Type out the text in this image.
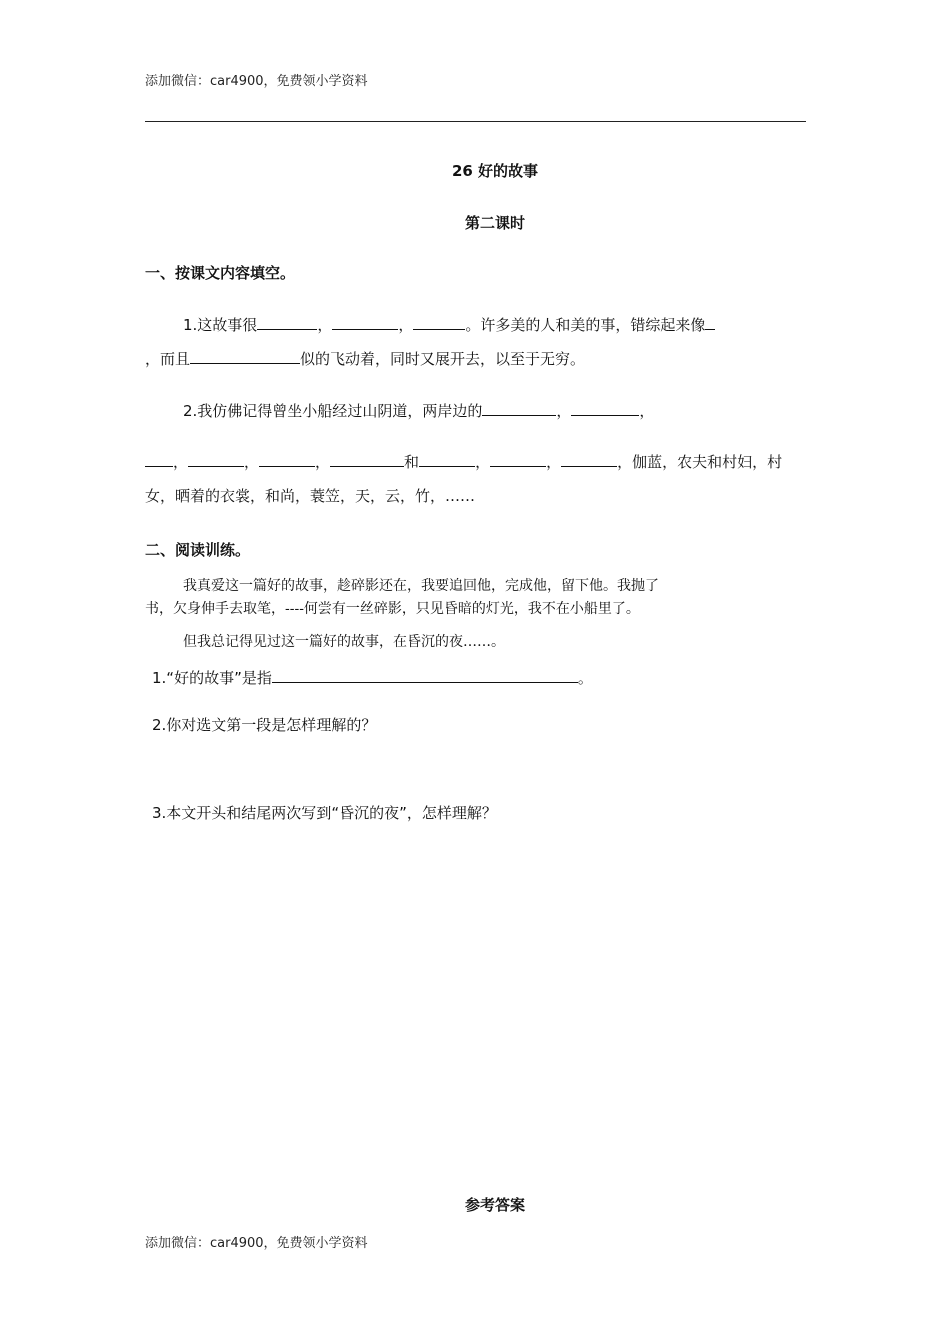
添加微信：car4900，免费领小学资料
26 好的故事
第二课时
一、按课文内容填空。
1.这故事很	，	，	。许多美的人和美的事，错综起来像
，而且	似的飞动着，同时又展开去，以至于无穷。
2.我仿佛记得曾坐小船经过山阴道，两岸边的	，	，
，	，	，	和	，	，	，伽蓝，农夫和村妇，村
女，晒着的衣裳，和尚，蓑笠，天，云，竹，……
二、阅读训练。
我真爱这一篇好的故事，趁碎影还在，我要追回他，完成他，留下他。我抛了
书，欠身伸手去取笔，----何尝有一丝碎影，只见昏暗的灯光，我不在小船里了。
但我总记得见过这一篇好的故事，在昏沉的夜……。
1.“好的故事”是指	。
2.你对选文第一段是怎样理解的？
3.本文开头和结尾两次写到“昏沉的夜”，怎样理解？
参考答案
添加微信：car4900，免费领小学资料
